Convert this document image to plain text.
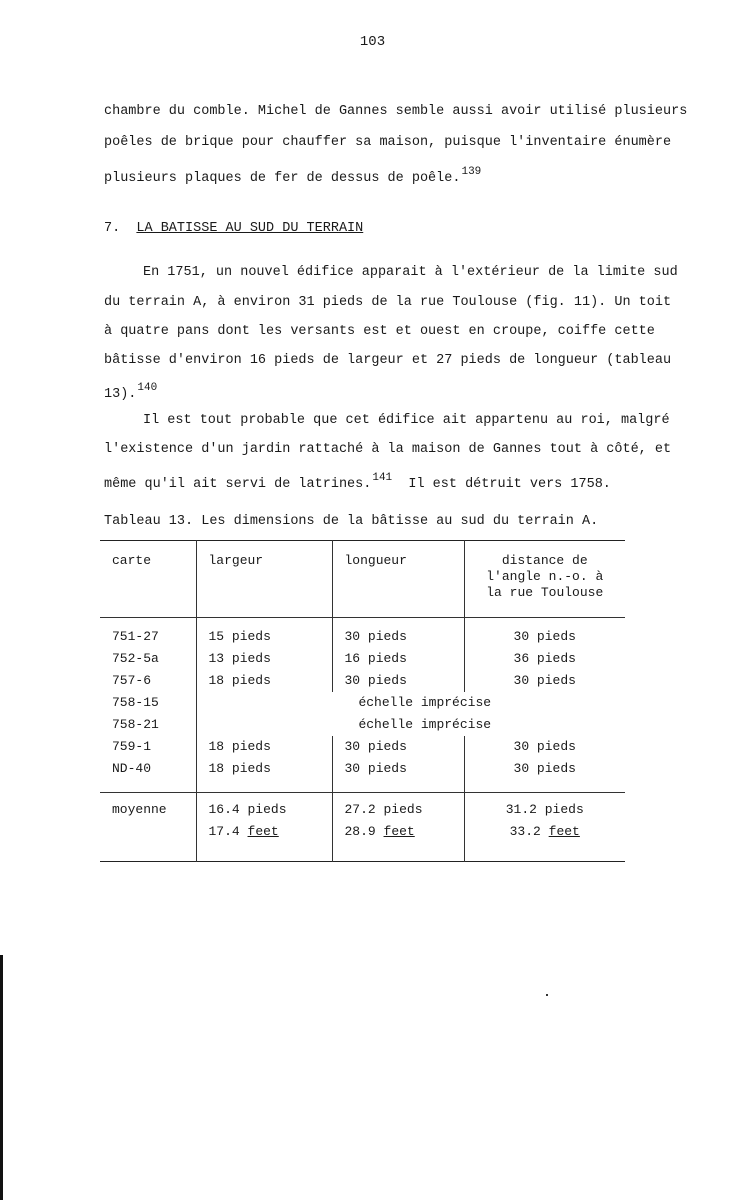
103
chambre du comble. Michel de Gannes semble aussi avoir utilisé plusieurs
poêles de brique pour chauffer sa maison, puisque l'inventaire énumère
plusieurs plaques de fer de dessus de poêle.$^{139}$
7. LA BATISSE AU SUD DU TERRAIN
En 1751, un nouvel édifice apparait à l'extérieur de la limite sud
du terrain A, à environ 31 pieds de la rue Toulouse (fig. 11). Un toit
à quatre pans dont les versants est et ouest en croupe, coiffe cette
bâtisse d'environ 16 pieds de largeur et 27 pieds de longueur (tableau
13).$^{140}$
Il est tout probable que cet édifice ait appartenu au roi, malgré
l'existence d'un jardin rattaché à la maison de Gannes tout à côté, et
même qu'il ait servi de latrines.$^{141}$ Il est détruit vers 1758.
Tableau 13. Les dimensions de la bâtisse au sud du terrain A.
carte	largeur	longueur	distance de
l'angle n.-o. à
la rue Toulouse
751-27	15 pieds	30 pieds	30 pieds
752-5a	13 pieds	16 pieds	36 pieds
757-6	18 pieds	30 pieds	30 pieds
758-15	échelle imprécise		
758-21	échelle imprécise		
759-1	18 pieds	30 pieds	30 pieds
ND-40	18 pieds	30 pieds	30 pieds
moyenne	16.4 pieds	27.2 pieds	31.2 pieds
	17.4 feet	28.9 feet	33.2 feet
